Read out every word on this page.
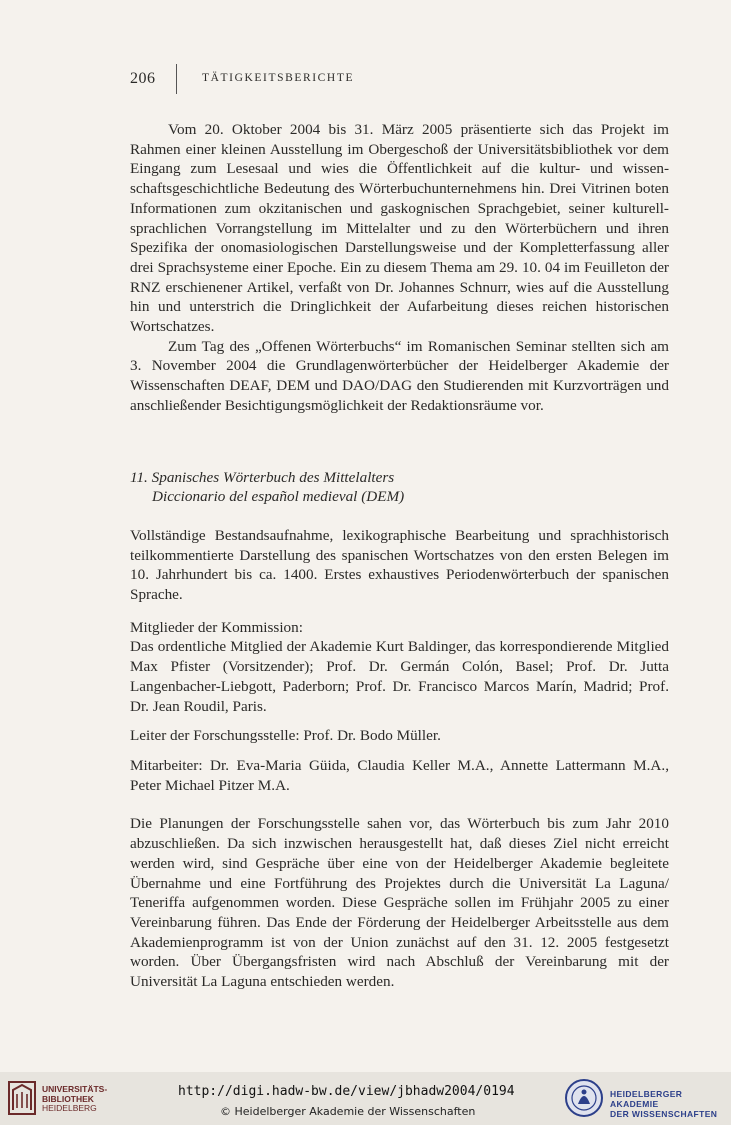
206	TÄTIGKEITSBERICHTE

Vom 20. Oktober 2004 bis 31. März 2005 präsentierte sich das Projekt im Rahmen einer kleinen Ausstellung im Obergeschoß der Universitätsbibliothek vor dem Eingang zum Lesesaal und wies die Öffentlichkeit auf die kultur- und wissenschaftsgeschichtliche Bedeutung des Wörterbuchunternehmens hin. Drei Vitrinen boten Informationen zum okzitanischen und gaskognischen Sprachgebiet, seiner kulturell-sprachlichen Vorrangstellung im Mittelalter und zu den Wörterbüchern und ihren Spezifika der onomasiologischen Darstellungsweise und der Kompletterfassung aller drei Sprachsysteme einer Epoche. Ein zu diesem Thema am 29. 10. 04 im Feuilleton der RNZ erschienener Artikel, verfaßt von Dr. Johannes Schnurr, wies auf die Ausstellung hin und unterstrich die Dringlichkeit der Aufarbeitung dieses reichen historischen Wortschatzes.

Zum Tag des „Offenen Wörterbuchs“ im Romanischen Seminar stellten sich am 3. November 2004 die Grundlagenwörterbücher der Heidelberger Akademie der Wissenschaften DEAF, DEM und DAO/DAG den Studierenden mit Kurzvorträgen und anschließender Besichtigungsmöglichkeit der Redaktionsräume vor.

11. Spanisches Wörterbuch des Mittelalters
Diccionario del español medieval (DEM)

Vollständige Bestandsaufnahme, lexikographische Bearbeitung und sprachhistorisch teilkommentierte Darstellung des spanischen Wortschatzes von den ersten Belegen im 10. Jahrhundert bis ca. 1400. Erstes exhaustives Periodenwörterbuch der spanischen Sprache.

Mitglieder der Kommission:

Das ordentliche Mitglied der Akademie Kurt Baldinger, das korrespondierende Mitglied Max Pfister (Vorsitzender); Prof. Dr. Germán Colón, Basel; Prof. Dr. Jutta Langenbacher-Liebgott, Paderborn; Prof. Dr. Francisco Marcos Marín, Madrid; Prof. Dr. Jean Roudil, Paris.

Leiter der Forschungsstelle: Prof. Dr. Bodo Müller.

Mitarbeiter: Dr. Eva-Maria Güida, Claudia Keller M.A., Annette Lattermann M.A., Peter Michael Pitzer M.A.

Die Planungen der Forschungsstelle sahen vor, das Wörterbuch bis zum Jahr 2010 abzuschließen. Da sich inzwischen herausgestellt hat, daß dieses Ziel nicht erreicht werden wird, sind Gespräche über eine von der Heidelberger Akademie begleitete Übernahme und eine Fortführung des Projektes durch die Universität La Laguna/ Teneriffa aufgenommen worden. Diese Gespräche sollen im Frühjahr 2005 zu einer Vereinbarung führen. Das Ende der Förderung der Heidelberger Arbeitsstelle aus dem Akademienprogramm ist von der Union zunächst auf den 31. 12. 2005 festgesetzt worden. Über Übergangsfristen wird nach Abschluß der Vereinbarung mit der Universität La Laguna entschieden werden.

UNIVERSITÄTS-
BIBLIOTHEK
HEIDELBERG
http://digi.hadw-bw.de/view/jbhadw2004/0194
© Heidelberger Akademie der Wissenschaften
HEIDELBERGER AKADEMIE
DER WISSENSCHAFTEN
